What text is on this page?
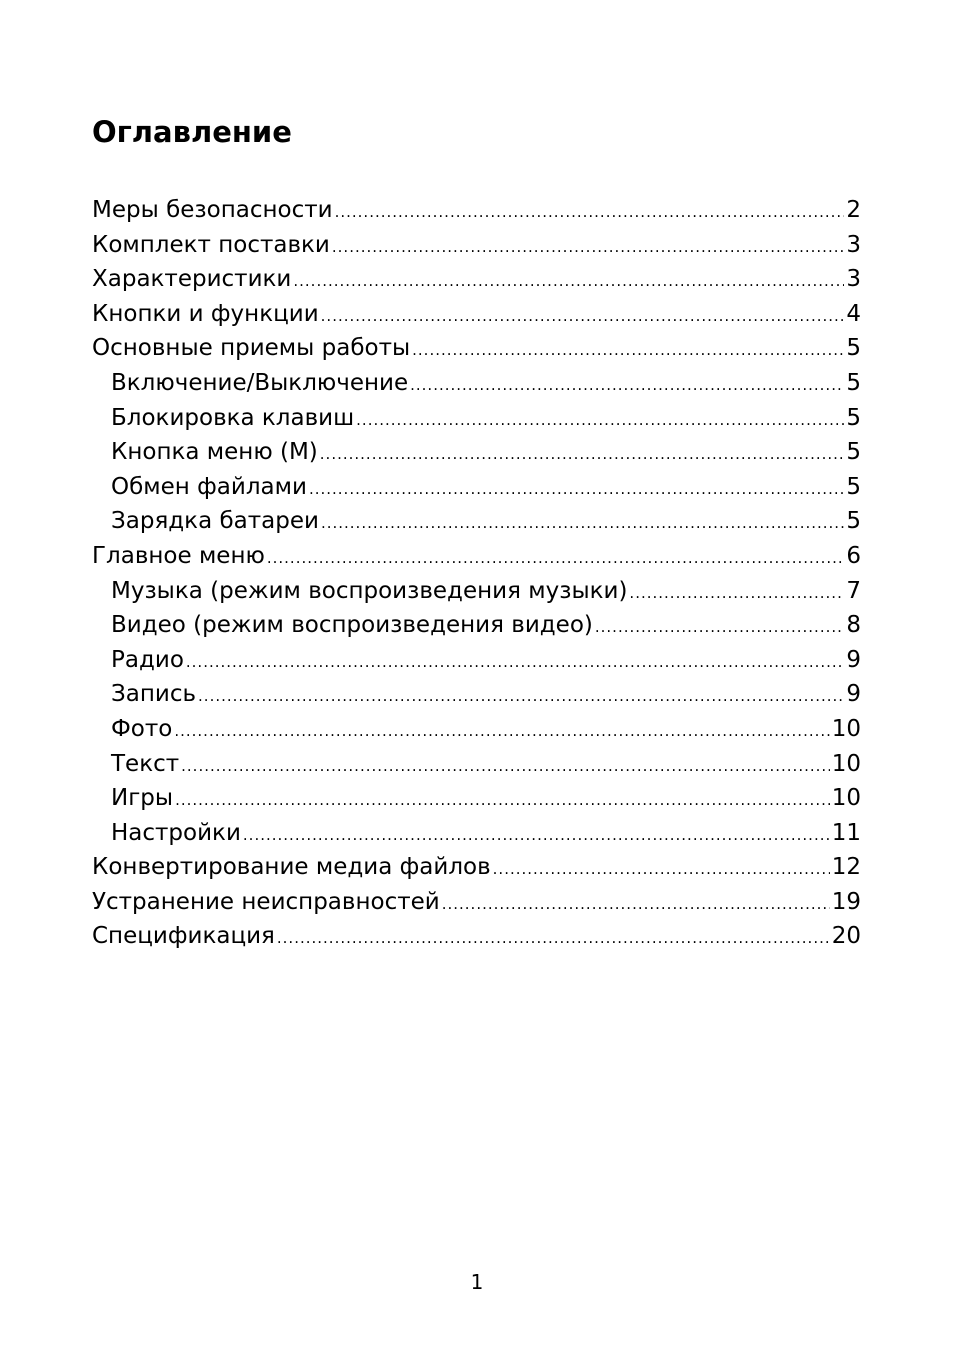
Оглавление
Меры безопасности .....	2
Комплект поставки .....	3
Характеристики .....	3
Кнопки и функции .....	4
Основные приемы работы .....	5
Включение/Выключение .....	5
Блокировка клавиш .....	5
Кнопка меню (M) .....	5
Обмен файлами .....	5
Зарядка батареи .....	5
Главное меню .....	6
Музыка (режим воспроизведения музыки) .....	7
Видео (режим воспроизведения видео) .....	8
Радио .....	9
Запись .....	9
Фото .....	10
Текст .....	10
Игры .....	10
Настройки .....	11
Конвертирование медиа файлов .....	12
Устранение неисправностей .....	19
Спецификация .....	20

1
